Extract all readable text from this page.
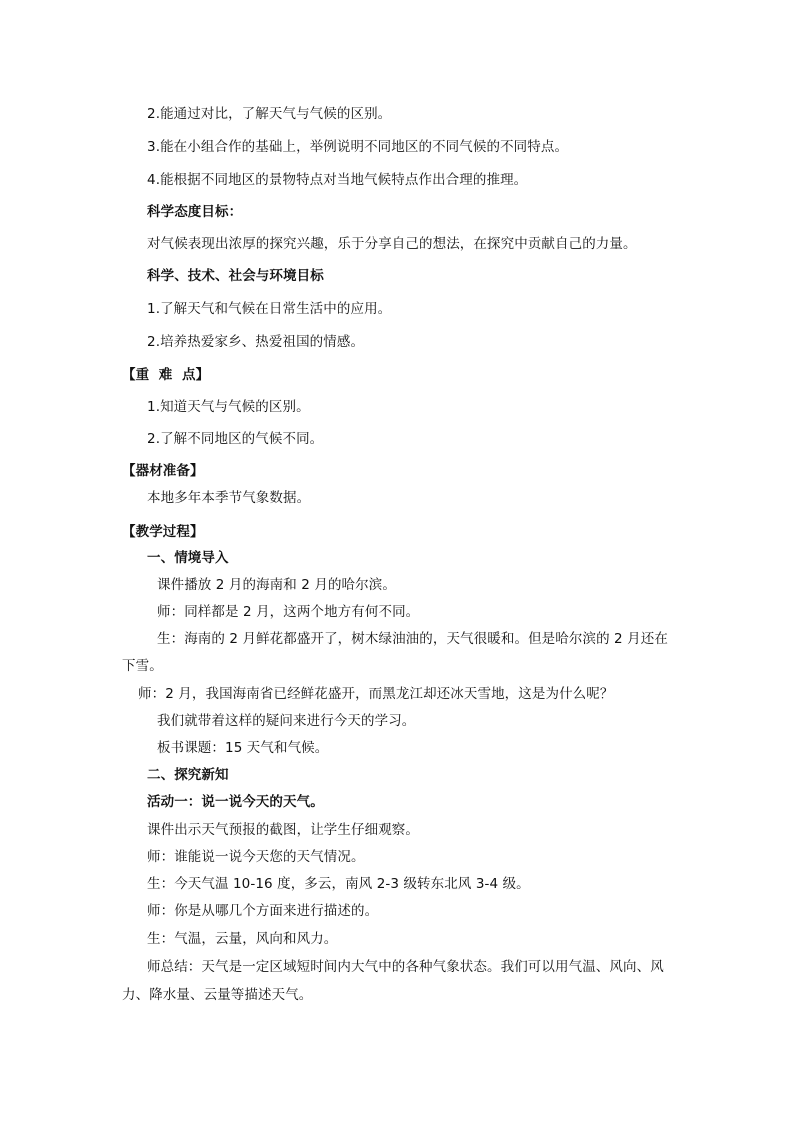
2.能通过对比，了解天气与气候的区别。
3.能在小组合作的基础上，举例说明不同地区的不同气候的不同特点。
4.能根据不同地区的景物特点对当地气候特点作出合理的推理。
科学态度目标：
对气候表现出浓厚的探究兴趣，乐于分享自己的想法，在探究中贡献自己的力量。
科学、技术、社会与环境目标
1.了解天气和气候在日常生活中的应用。
2.培养热爱家乡、热爱祖国的情感。
【重  难  点】
1.知道天气与气候的区别。
2.了解不同地区的气候不同。
【器材准备】
本地多年本季节气象数据。
【教学过程】
一、情境导入
课件播放 2 月的海南和 2 月的哈尔滨。
师：同样都是 2 月，这两个地方有何不同。
生：海南的 2 月鲜花都盛开了，树木绿油油的，天气很暖和。但是哈尔滨的 2 月还在
下雪。
师：2 月，我国海南省已经鲜花盛开，而黑龙江却还冰天雪地，这是为什么呢？
我们就带着这样的疑问来进行今天的学习。
板书课题：15 天气和气候。
二、探究新知
活动一：说一说今天的天气。
课件出示天气预报的截图，让学生仔细观察。
师：谁能说一说今天您的天气情况。
生：今天气温 10-16 度，多云，南风 2-3 级转东北风 3-4 级。
师：你是从哪几个方面来进行描述的。
生：气温，云量，风向和风力。
师总结：天气是一定区域短时间内大气中的各种气象状态。我们可以用气温、风向、风
力、降水量、云量等描述天气。
